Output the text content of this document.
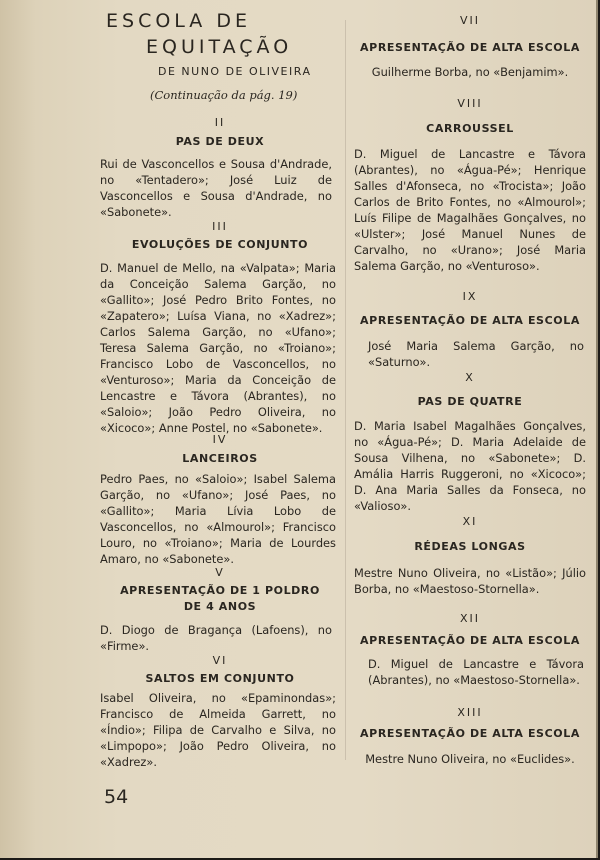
ESCOLA DE
EQUITAÇÃO
DE NUNO DE OLIVEIRA
(Continuação da pág. 19)
II
PAS DE DEUX
Rui de Vasconcellos e Sousa d'Andrade, no «Tentadero»; José Luiz de Vasconcellos e Sousa d'Andrade, no «Sabonete».
III
EVOLUÇÕES DE CONJUNTO
D. Manuel de Mello, na «Valpata»; Maria da Conceição Salema Garção, no «Gallito»; José Pedro Brito Fontes, no «Zapatero»; Luísa Viana, no «Xadrez»; Carlos Salema Garção, no «Ufano»; Teresa Salema Garção, no «Troiano»; Francisco Lobo de Vasconcellos, no «Venturoso»; Maria da Conceição de Lencastre e Távora (Abrantes), no «Saloio»; João Pedro Oliveira, no «Xicoco»; Anne Postel, no «Sabonete».
IV
LANCEIROS
Pedro Paes, no «Saloio»; Isabel Salema Garção, no «Ufano»; José Paes, no «Gallito»; Maria Lívia Lobo de Vasconcellos, no «Almourol»; Francisco Louro, no «Troiano»; Maria de Lourdes Amaro, no «Sabonete».
V
APRESENTAÇÃO DE 1 POLDRO
DE 4 ANOS
D. Diogo de Bragança (Lafoens), no «Firme».
VI
SALTOS EM CONJUNTO
Isabel Oliveira, no «Epaminondas»; Francisco de Almeida Garrett, no «Índio»; Filipa de Carvalho e Silva, no «Limpopo»; João Pedro Oliveira, no «Xadrez».
VII
APRESENTAÇÃO DE ALTA ESCOLA
Guilherme Borba, no «Benjamim».
VIII
CARROUSSEL
D. Miguel de Lancastre e Távora (Abrantes), no «Água-Pé»; Henrique Salles d'Afonseca, no «Trocista»; João Carlos de Brito Fontes, no «Almourol»; Luís Filipe de Magalhães Gonçalves, no «Ulster»; José Manuel Nunes de Carvalho, no «Urano»; José Maria Salema Garção, no «Venturoso».
IX
APRESENTAÇÃO DE ALTA ESCOLA
José Maria Salema Garção, no «Saturno».
X
PAS DE QUATRE
D. Maria Isabel Magalhães Gonçalves, no «Água-Pé»; D. Maria Adelaide de Sousa Vilhena, no «Sabonete»; D. Amália Harris Ruggeroni, no «Xicoco»; D. Ana Maria Salles da Fonseca, no «Valioso».
XI
RÉDEAS LONGAS
Mestre Nuno Oliveira, no «Listão»; Júlio Borba, no «Maestoso-Stornella».
XII
APRESENTAÇÃO DE ALTA ESCOLA
D. Miguel de Lancastre e Távora (Abrantes), no «Maestoso-Stornella».
XIII
APRESENTAÇÃO DE ALTA ESCOLA
Mestre Nuno Oliveira, no «Euclides».
54
